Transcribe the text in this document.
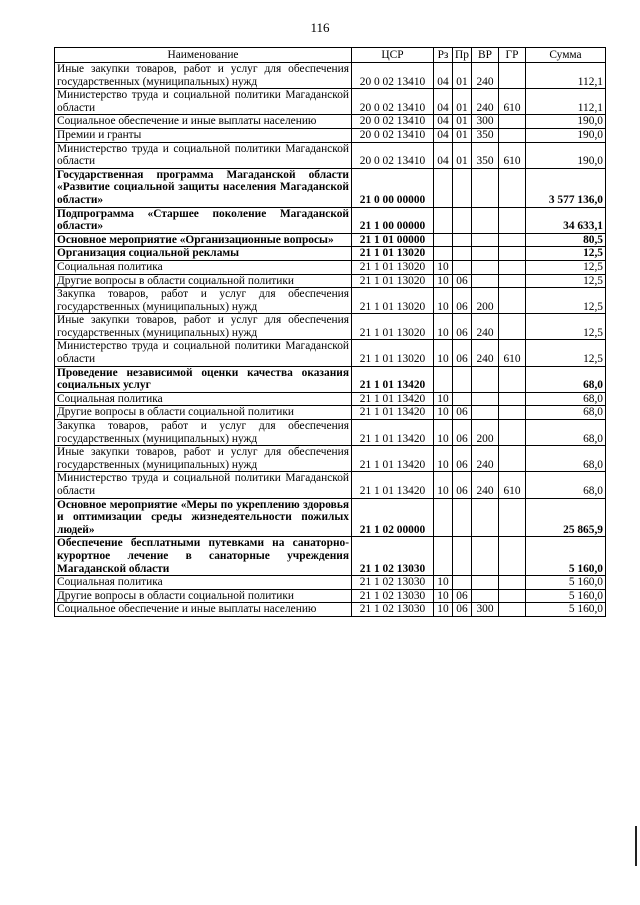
116
Наименование	ЦСР	Рз	Пр	ВР	ГР	Сумма
Иные закупки товаров, работ и услуг для обеспечения государственных (муниципальных) нужд	20 0 02 13410	04	01	240		112,1
Министерство труда и социальной политики Магаданской области	20 0 02 13410	04	01	240	610	112,1
Социальное обеспечение и иные выплаты населению	20 0 02 13410	04	01	300		190,0
Премии и гранты	20 0 02 13410	04	01	350		190,0
Министерство труда и социальной политики Магаданской области	20 0 02 13410	04	01	350	610	190,0
Государственная программа Магаданской области «Развитие социальной защиты населения Магаданской области»	21 0 00 00000					3 577 136,0
Подпрограмма «Старшее поколение Магаданской области»	21 1 00 00000					34 633,1
Основное мероприятие «Организационные вопросы»	21 1 01 00000					80,5
Организация социальной рекламы	21 1 01 13020					12,5
Социальная политика	21 1 01 13020	10				12,5
Другие вопросы в области социальной политики	21 1 01 13020	10	06			12,5
Закупка товаров, работ и услуг для обеспечения государственных (муниципальных) нужд	21 1 01 13020	10	06	200		12,5
Иные закупки товаров, работ и услуг для обеспечения государственных (муниципальных) нужд	21 1 01 13020	10	06	240		12,5
Министерство труда и социальной политики Магаданской области	21 1 01 13020	10	06	240	610	12,5
Проведение независимой оценки качества оказания социальных услуг	21 1 01 13420					68,0
Социальная политика	21 1 01 13420	10				68,0
Другие вопросы в области социальной политики	21 1 01 13420	10	06			68,0
Закупка товаров, работ и услуг для обеспечения государственных (муниципальных) нужд	21 1 01 13420	10	06	200		68,0
Иные закупки товаров, работ и услуг для обеспечения государственных (муниципальных) нужд	21 1 01 13420	10	06	240		68,0
Министерство труда и социальной политики Магаданской области	21 1 01 13420	10	06	240	610	68,0
Основное мероприятие «Меры по укреплению здоровья и оптимизации среды жизнедеятельности пожилых людей»	21 1 02 00000					25 865,9
Обеспечение бесплатными путевками на санаторно-курортное лечение в санаторные учреждения Магаданской области	21 1 02 13030					5 160,0
Социальная политика	21 1 02 13030	10				5 160,0
Другие вопросы в области социальной политики	21 1 02 13030	10	06			5 160,0
Социальное обеспечение и иные выплаты населению	21 1 02 13030	10	06	300		5 160,0
